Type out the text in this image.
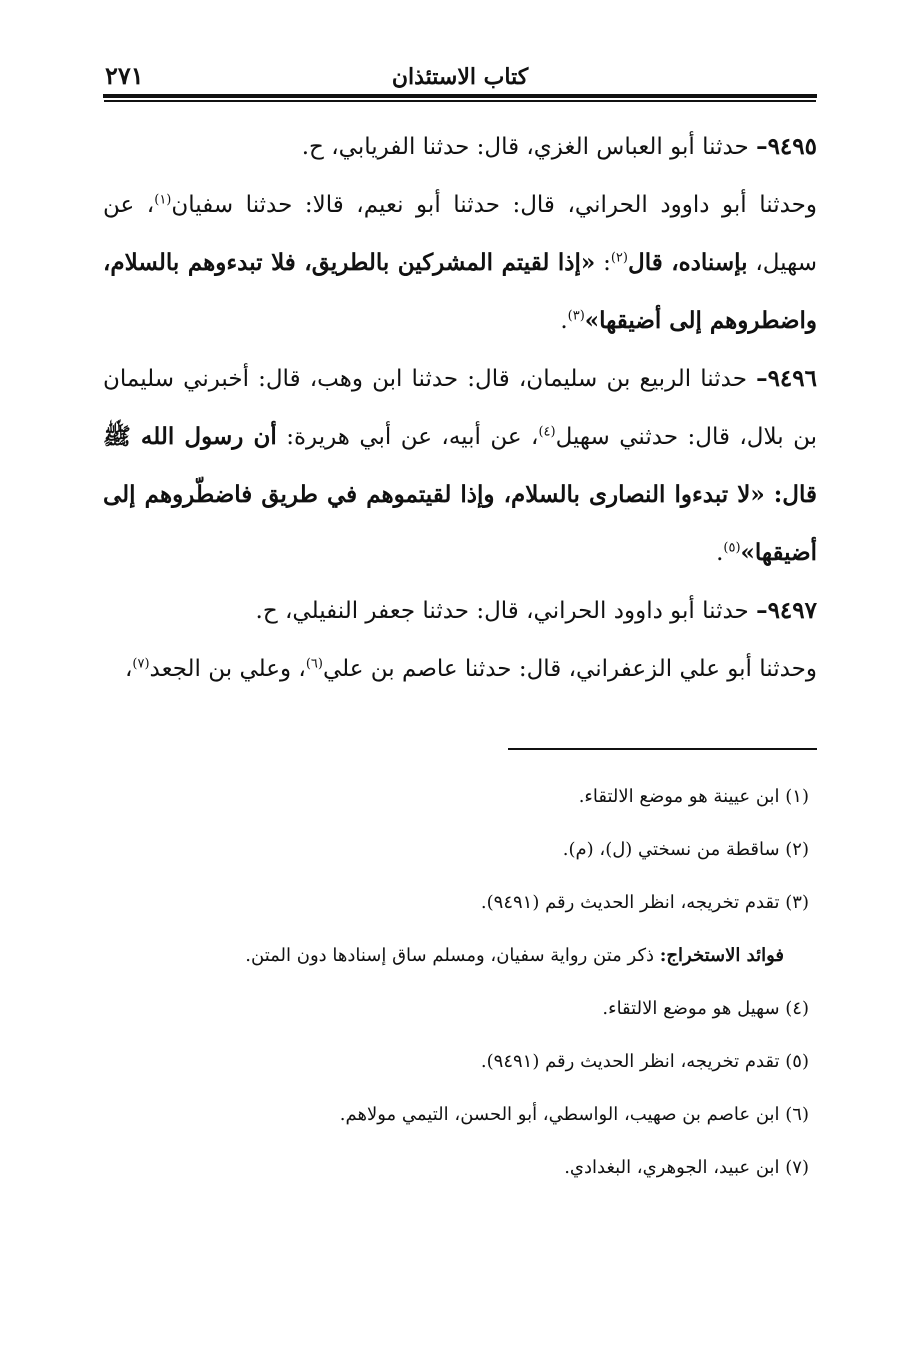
كتاب الاستئذان
٢٧١

٩٤٩٥– حدثنا أبو العباس الغزي، قال: حدثنا الفريابي، ح.

وحدثنا أبو داوود الحراني، قال: حدثنا أبو نعيم، قالا: حدثنا سفيان$^{(١)}$، عن سهيل، بإسناده، قال$^{(٢)}$: «إذا لقيتم المشركين بالطريق، فلا تبدءوهم بالسلام، واضطروهم إلى أضيقها»$^{(٣)}$.

٩٤٩٦– حدثنا الربيع بن سليمان، قال: حدثنا ابن وهب، قال: أخبرني سليمان بن بلال، قال: حدثني سهيل$^{(٤)}$، عن أبيه، عن أبي هريرة: أن رسول الله ﷺ قال: «لا تبدءوا النصارى بالسلام، وإذا لقيتموهم في طريق فاضطّروهم إلى أضيقها»$^{(٥)}$.

٩٤٩٧– حدثنا أبو داوود الحراني، قال: حدثنا جعفر النفيلي، ح.

وحدثنا أبو علي الزعفراني، قال: حدثنا عاصم بن علي$^{(٦)}$، وعلي بن الجعد$^{(٧)}$،

(١) ابن عيينة هو موضع الالتقاء.

(٢) ساقطة من نسختي (ل)، (م).

(٣) تقدم تخريجه، انظر الحديث رقم (٩٤٩١).

فوائد الاستخراج: ذكر متن رواية سفيان، ومسلم ساق إسنادها دون المتن.

(٤) سهيل هو موضع الالتقاء.

(٥) تقدم تخريجه، انظر الحديث رقم (٩٤٩١).

(٦) ابن عاصم بن صهيب، الواسطي، أبو الحسن، التيمي مولاهم.

(٧) ابن عبيد، الجوهري، البغدادي.
